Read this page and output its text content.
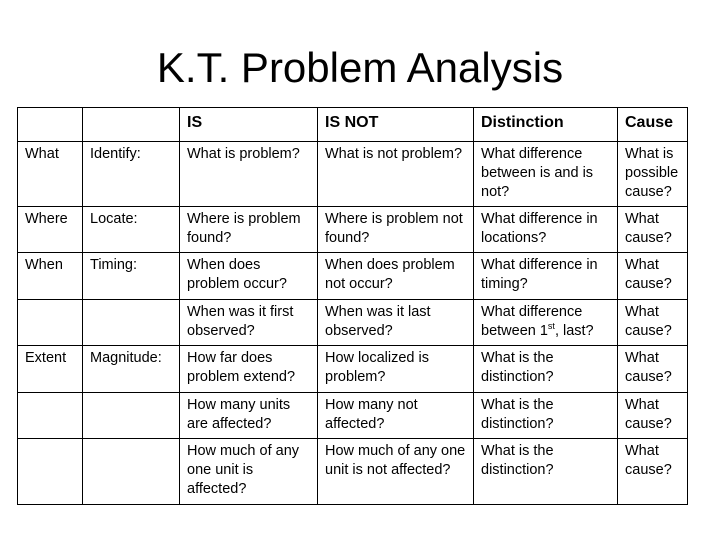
K.T. Problem Analysis
		IS	IS NOT	Distinction	Cause
What	Identify:	What is problem?	What is not problem?	What difference between is and is not?	What is possible cause?
Where	Locate:	Where is problem found?	Where is problem not found?	What difference in locations?	What cause?
When	Timing:	When does problem occur?	When does problem not occur?	What difference in timing?	What cause?
		When was it first observed?	When was it last observed?	What difference between 1st, last?	What cause?
Extent	Magnitude:	How far does problem extend?	How localized is problem?	What is the distinction?	What cause?
		How many units are affected?	How many not affected?	What is the distinction?	What cause?
		How much of any one unit is affected?	How much of any one unit is not affected?	What is the distinction?	What cause?
